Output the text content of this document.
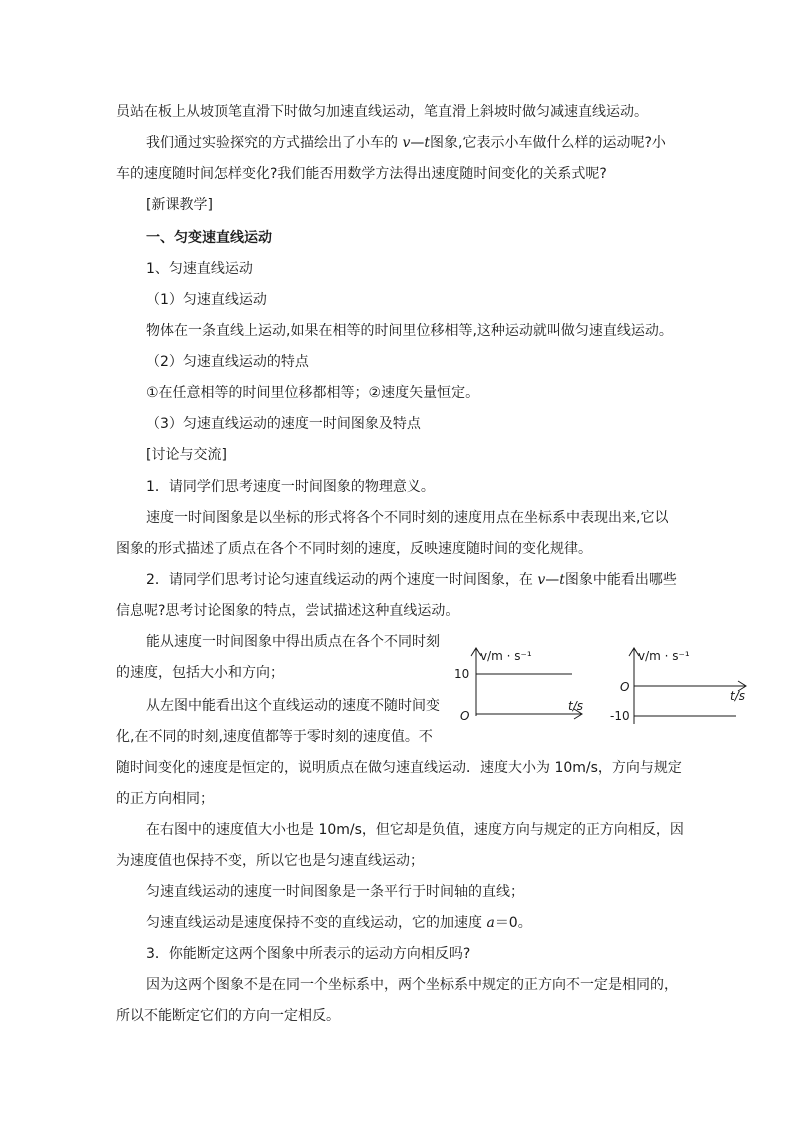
员站在板上从坡顶笔直滑下时做匀加速直线运动，笔直滑上斜坡时做匀减速直线运动。
我们通过实验探究的方式描绘出了小车的 v—t图象,它表示小车做什么样的运动呢?小
车的速度随时间怎样变化?我们能否用数学方法得出速度随时间变化的关系式呢?
[新课教学]
一、匀变速直线运动
1、匀速直线运动
（1）匀速直线运动
物体在一条直线上运动,如果在相等的时间里位移相等,这种运动就叫做匀速直线运动。
（2）匀速直线运动的特点
①在任意相等的时间里位移都相等；②速度矢量恒定。
（3）匀速直线运动的速度一时间图象及特点
[讨论与交流]
1．请同学们思考速度一时间图象的物理意义。
速度一时间图象是以坐标的形式将各个不同时刻的速度用点在坐标系中表现出来,它以
图象的形式描述了质点在各个不同时刻的速度，反映速度随时间的变化规律。
2．请同学们思考讨论匀速直线运动的两个速度一时间图象，在 v—t图象中能看出哪些
信息呢?思考讨论图象的特点，尝试描述这种直线运动。
能从速度一时间图象中得出质点在各个不同时刻
的速度，包括大小和方向；
从左图中能看出这个直线运动的速度不随时间变
化,在不同的时刻,速度值都等于零时刻的速度值。不
随时间变化的速度是恒定的，说明质点在做匀速直线运动．速度大小为 10m/s，方向与规定
的正方向相同；
在右图中的速度值大小也是 10m/s，但它却是负值，速度方向与规定的正方向相反，因
为速度值也保持不变，所以它也是匀速直线运动；
匀速直线运动的速度一时间图象是一条平行于时间轴的直线；
匀速直线运动是速度保持不变的直线运动，它的加速度 a＝0。
3．你能断定这两个图象中所表示的运动方向相反吗?
因为这两个图象不是在同一个坐标系中，两个坐标系中规定的正方向不一定是相同的，
所以不能断定它们的方向一定相反。
v/m · s⁻¹
10
t/s
O
v/m · s⁻¹
-10
t/s
O
